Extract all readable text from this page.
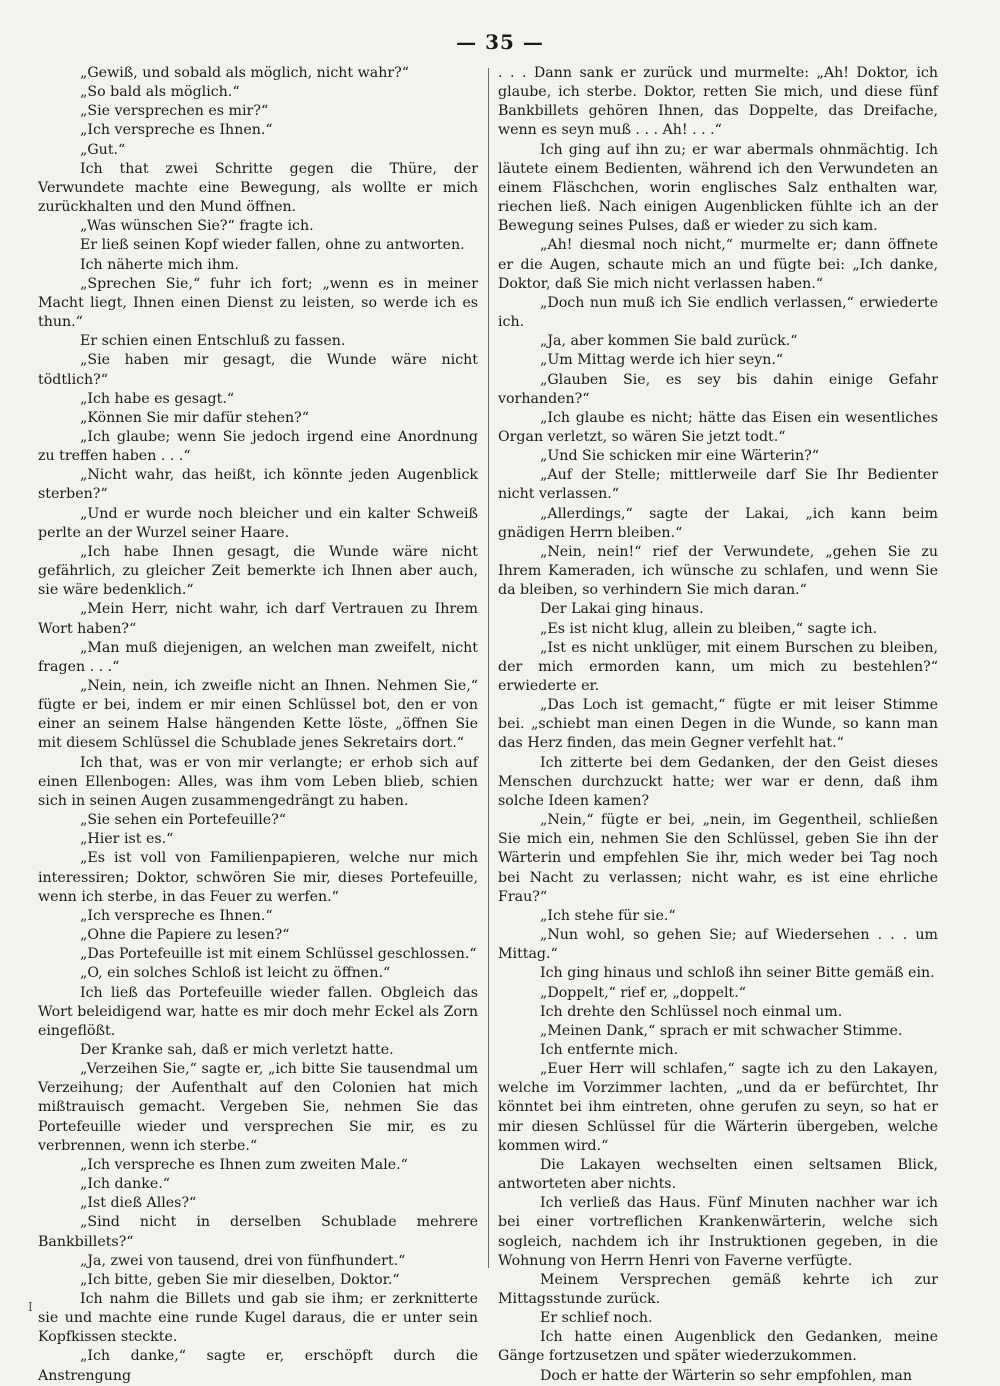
— 35 —

„Gewiß, und sobald als möglich, nicht wahr?“

„So bald als möglich.“

„Sie versprechen es mir?“

„Ich verspreche es Ihnen.“

„Gut.“

Ich that zwei Schritte gegen die Thüre, der Verwundete machte eine Bewegung, als wollte er mich zurückhalten und den Mund öffnen.

„Was wünschen Sie?“ fragte ich.

Er ließ seinen Kopf wieder fallen, ohne zu antworten.

Ich näherte mich ihm.

„Sprechen Sie,“ fuhr ich fort; „wenn es in meiner Macht liegt, Ihnen einen Dienst zu leisten, so werde ich es thun.“

Er schien einen Entschluß zu fassen.

„Sie haben mir gesagt, die Wunde wäre nicht tödtlich?“

„Ich habe es gesagt.“

„Können Sie mir dafür stehen?“

„Ich glaube; wenn Sie jedoch irgend eine Anordnung zu treffen haben . . .“

„Nicht wahr, das heißt, ich könnte jeden Augenblick sterben?“

„Und er wurde noch bleicher und ein kalter Schweiß perlte an der Wurzel seiner Haare.

„Ich habe Ihnen gesagt, die Wunde wäre nicht gefährlich, zu gleicher Zeit bemerkte ich Ihnen aber auch, sie wäre bedenklich.“

„Mein Herr, nicht wahr, ich darf Vertrauen zu Ihrem Wort haben?“

„Man muß diejenigen, an welchen man zweifelt, nicht fragen . . .“

„Nein, nein, ich zweifle nicht an Ihnen. Nehmen Sie,“ fügte er bei, indem er mir einen Schlüssel bot, den er von einer an seinem Halse hängenden Kette löste, „öffnen Sie mit diesem Schlüssel die Schublade jenes Sekretairs dort.“

Ich that, was er von mir verlangte; er erhob sich auf einen Ellenbogen: Alles, was ihm vom Leben blieb, schien sich in seinen Augen zusammengedrängt zu haben.

„Sie sehen ein Portefeuille?“

„Hier ist es.“

„Es ist voll von Familienpapieren, welche nur mich interessiren; Doktor, schwören Sie mir, dieses Portefeuille, wenn ich sterbe, in das Feuer zu werfen.“

„Ich verspreche es Ihnen.“

„Ohne die Papiere zu lesen?“

„Das Portefeuille ist mit einem Schlüssel geschlossen.“

„O, ein solches Schloß ist leicht zu öffnen.“

Ich ließ das Portefeuille wieder fallen. Obgleich das Wort beleidigend war, hatte es mir doch mehr Eckel als Zorn eingeflößt.

Der Kranke sah, daß er mich verletzt hatte.

„Verzeihen Sie,“ sagte er, „ich bitte Sie tausendmal um Verzeihung; der Aufenthalt auf den Colonien hat mich mißtrauisch gemacht. Vergeben Sie, nehmen Sie das Portefeuille wieder und versprechen Sie mir, es zu verbrennen, wenn ich sterbe.“

„Ich verspreche es Ihnen zum zweiten Male.“

„Ich danke.“

„Ist dieß Alles?“

„Sind nicht in derselben Schublade mehrere Bankbillets?“

„Ja, zwei von tausend, drei von fünfhundert.“

„Ich bitte, geben Sie mir dieselben, Doktor.“

Ich nahm die Billets und gab sie ihm; er zerknitterte sie und machte eine runde Kugel daraus, die er unter sein Kopfkissen steckte.

„Ich danke,“ sagte er, erschöpft durch die Anstrengung

. . . Dann sank er zurück und murmelte: „Ah! Doktor, ich glaube, ich sterbe. Doktor, retten Sie mich, und diese fünf Bankbillets gehören Ihnen, das Doppelte, das Dreifache, wenn es seyn muß . . . Ah! . . .“

Ich ging auf ihn zu; er war abermals ohnmächtig. Ich läutete einem Bedienten, während ich den Verwundeten an einem Fläschchen, worin englisches Salz enthalten war, riechen ließ. Nach einigen Augenblicken fühlte ich an der Bewegung seines Pulses, daß er wieder zu sich kam.

„Ah! diesmal noch nicht,“ murmelte er; dann öffnete er die Augen, schaute mich an und fügte bei: „Ich danke, Doktor, daß Sie mich nicht verlassen haben.“

„Doch nun muß ich Sie endlich verlassen,“ erwiederte ich.

„Ja, aber kommen Sie bald zurück.“

„Um Mittag werde ich hier seyn.“

„Glauben Sie, es sey bis dahin einige Gefahr vorhanden?“

„Ich glaube es nicht; hätte das Eisen ein wesentliches Organ verletzt, so wären Sie jetzt todt.“

„Und Sie schicken mir eine Wärterin?“

„Auf der Stelle; mittlerweile darf Sie Ihr Bedienter nicht verlassen.“

„Allerdings,“ sagte der Lakai, „ich kann beim gnädigen Herrn bleiben.“

„Nein, nein!“ rief der Verwundete, „gehen Sie zu Ihrem Kameraden, ich wünsche zu schlafen, und wenn Sie da bleiben, so verhindern Sie mich daran.“

Der Lakai ging hinaus.

„Es ist nicht klug, allein zu bleiben,“ sagte ich.

„Ist es nicht unklüger, mit einem Burschen zu bleiben, der mich ermorden kann, um mich zu bestehlen?“ erwiederte er.

„Das Loch ist gemacht,“ fügte er mit leiser Stimme bei. „schiebt man einen Degen in die Wunde, so kann man das Herz finden, das mein Gegner verfehlt hat.“

Ich zitterte bei dem Gedanken, der den Geist dieses Menschen durchzuckt hatte; wer war er denn, daß ihm solche Ideen kamen?

„Nein,“ fügte er bei, „nein, im Gegentheil, schließen Sie mich ein, nehmen Sie den Schlüssel, geben Sie ihn der Wärterin und empfehlen Sie ihr, mich weder bei Tag noch bei Nacht zu verlassen; nicht wahr, es ist eine ehrliche Frau?“

„Ich stehe für sie.“

„Nun wohl, so gehen Sie; auf Wiedersehen . . . um Mittag.“

Ich ging hinaus und schloß ihn seiner Bitte gemäß ein.

„Doppelt,“ rief er, „doppelt.“

Ich drehte den Schlüssel noch einmal um.

„Meinen Dank,“ sprach er mit schwacher Stimme.

Ich entfernte mich.

„Euer Herr will schlafen,“ sagte ich zu den Lakayen, welche im Vorzimmer lachten, „und da er befürchtet, Ihr könntet bei ihm eintreten, ohne gerufen zu seyn, so hat er mir diesen Schlüssel für die Wärterin übergeben, welche kommen wird.“

Die Lakayen wechselten einen seltsamen Blick, antworteten aber nichts.

Ich verließ das Haus. Fünf Minuten nachher war ich bei einer vortreflichen Krankenwärterin, welche sich sogleich, nachdem ich ihr Instruktionen gegeben, in die Wohnung von Herrn Henri von Faverne verfügte.

Meinem Versprechen gemäß kehrte ich zur Mittagsstunde zurück.

Er schlief noch.

Ich hatte einen Augenblick den Gedanken, meine Gänge fortzusetzen und später wiederzukommen.

Doch er hatte der Wärterin so sehr empfohlen, man

I
